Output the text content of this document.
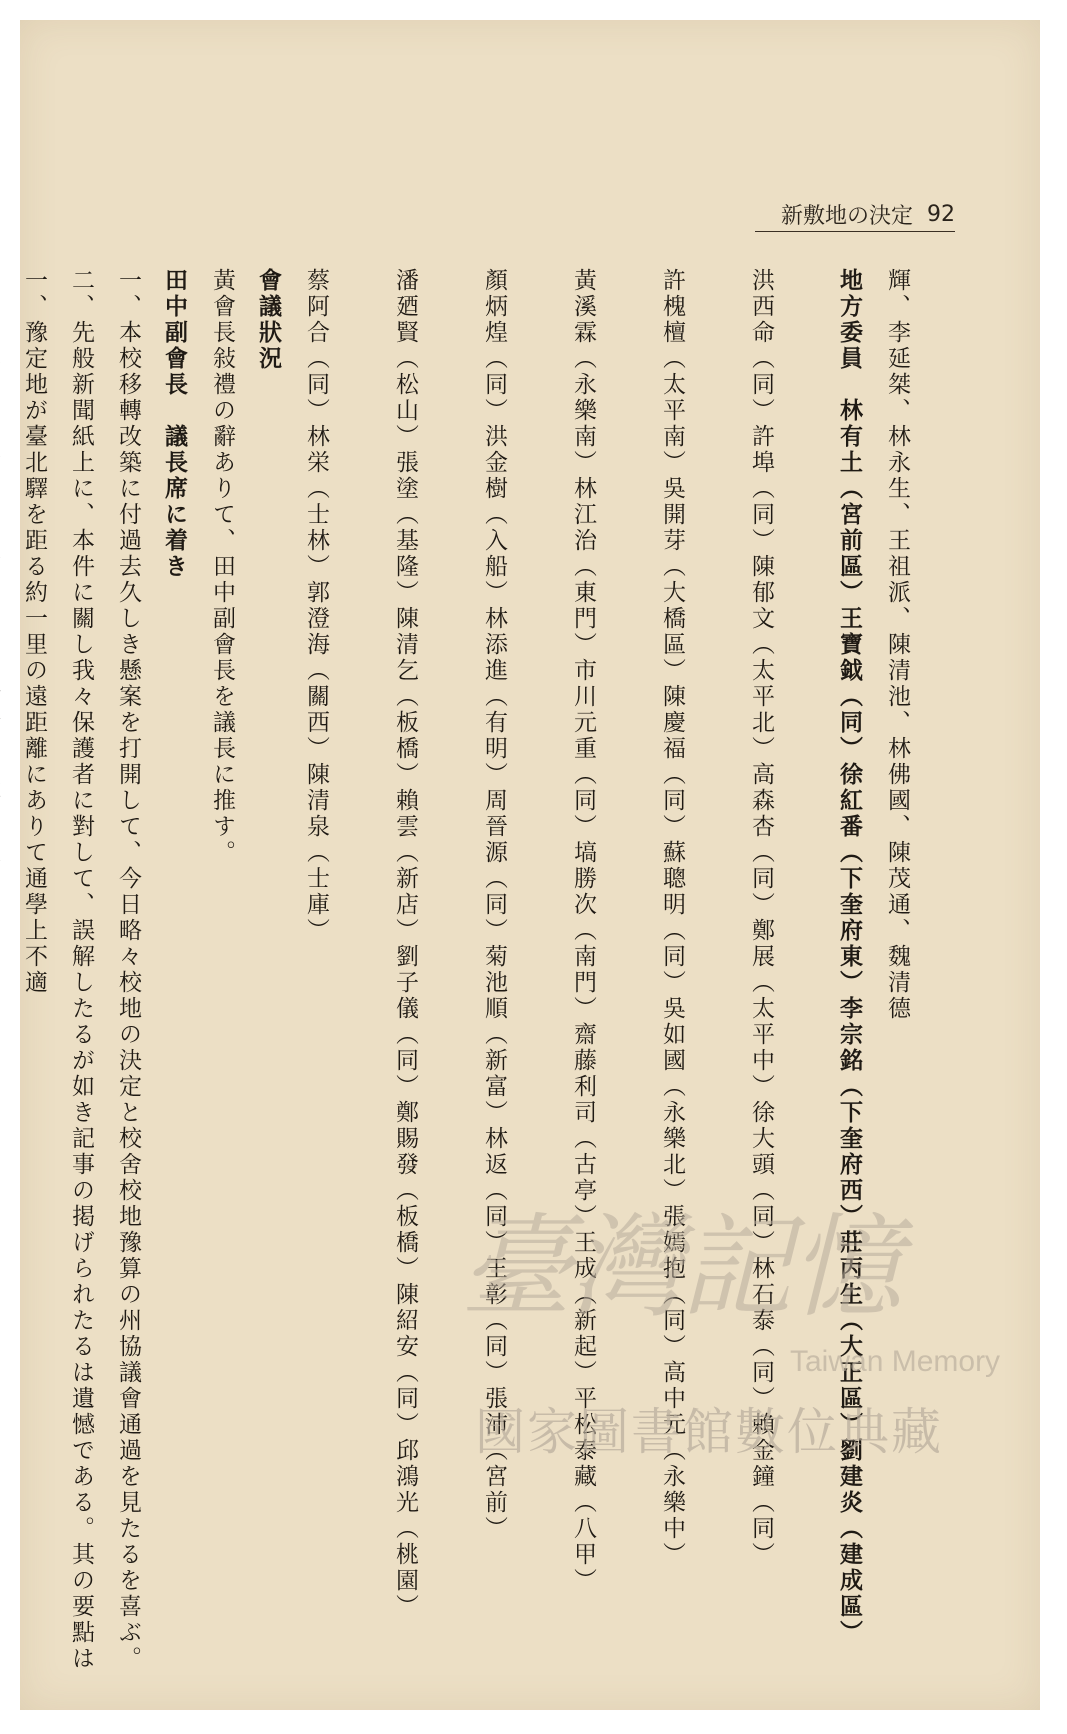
新敷地の決定 92

輝、李延桀、林永生、王祖派、陳清池、林佛國、陳茂通、魏清德

地方委員　林有土（宮前區）王寶鉞（同）徐紅番（下奎府東）李宗銘（下奎府西）莊丙生（大正區）劉建炎（建成區）

洪西命（同）許埠（同）陳郁文（太平北）高森杏（同）鄭展（太平中）徐大頭（同）林石泰（同）賴金鐘（同）

許槐檀（太平南）吳開芽（大橋區）陳慶福（同）蘇聰明（同）吳如國（永樂北）張嫣抱（同）高中元（永樂中）

黃溪霖（永樂南）林江治（東門）市川元重（同）塙勝次（南門）齋藤利司（古亭）王成（新起）平松泰藏（八甲）

顏炳煌（同）洪金樹（入船）林添進（有明）周晉源（同）菊池順（新富）林返（同）王彰（同）張沛（宮前）

潘廼賢（松山）張塗（基隆）陳清乞（板橋）賴雲（新店）劉子儀（同）鄭賜發（板橋）陳紹安（同）邱鴻光（桃園）

蔡阿合（同）林栄（士林）郭澄海（關西）陳清泉（士庫）

會議狀況

黃會長敍禮の辭ありて、田中副會長を議長に推す。

田中副會長　議長席に着き

一、本校移轉改築に付過去久しき懸案を打開して、今日略々校地の決定と校舍校地豫算の州協議會通過を見たるを喜ぶ。

二、先般新聞紙上に、本件に關し我々保護者に對して、誤解したるが如き記事の掲げられたるは遺憾である。其の要點は

一、豫定地が臺北驛を距る約一里の遠距離にありて通學上不適

臺灣記憶
Taiwan Memory
國家圖書館數位典藏
